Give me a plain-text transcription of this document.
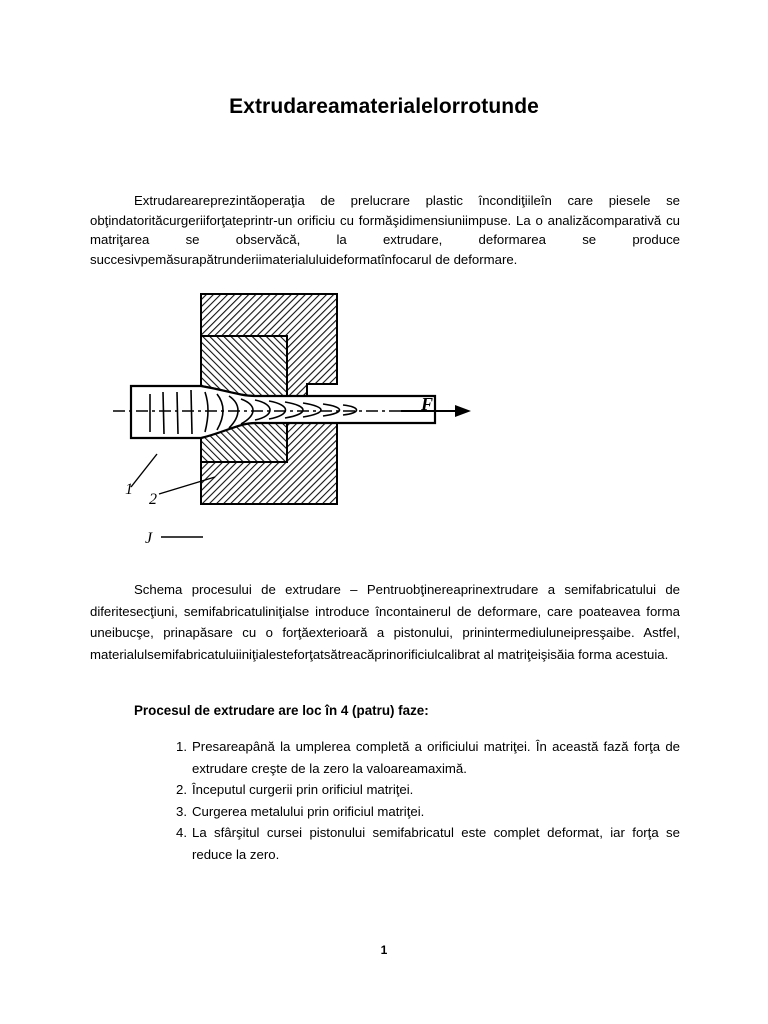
Extrudareamaterialelorrotunde
Extrudareareprezintăoperaţia de prelucrare plastic încondiţiileîn care piesele se obţindatorităcurgeriiforţateprintr-un orificiu cu formăşidimensiuniimpuse. La o analizăcomparativă cu matriţarea se observăcă, la extrudare, deformarea se produce succesivpemăsurapătrunderiimaterialuluideformatînfocarul de deformare.
F
1
2
J
Schema procesului de extrudare – Pentruobţinereaprinextrudare a semifabricatului de diferitesecţiuni, semifabricatuliniţialse introduce încontainerul de deformare, care poateavea forma uneibucşe, prinapăsare cu o forţăexterioară a pistonului, prinintermediuluneipresşaibe. Astfel, materialulsemifabricatuluiiniţialesteforţatsătreacăprinorificiulcalibrat al matriţeişisăia forma acestuia.
Procesul de extrudare are loc în 4 (patru) faze:
1. Presareapână la umplerea completă a orificiului matriţei. În această fază forţa de extrudare creşte de la zero la valoareamaximă.
2. Începutul curgerii prin orificiul matriţei.
3. Curgerea metalului prin orificiul matriţei.
4. La sfârşitul cursei pistonului semifabricatul este complet deformat, iar forţa se reduce la zero.
1
